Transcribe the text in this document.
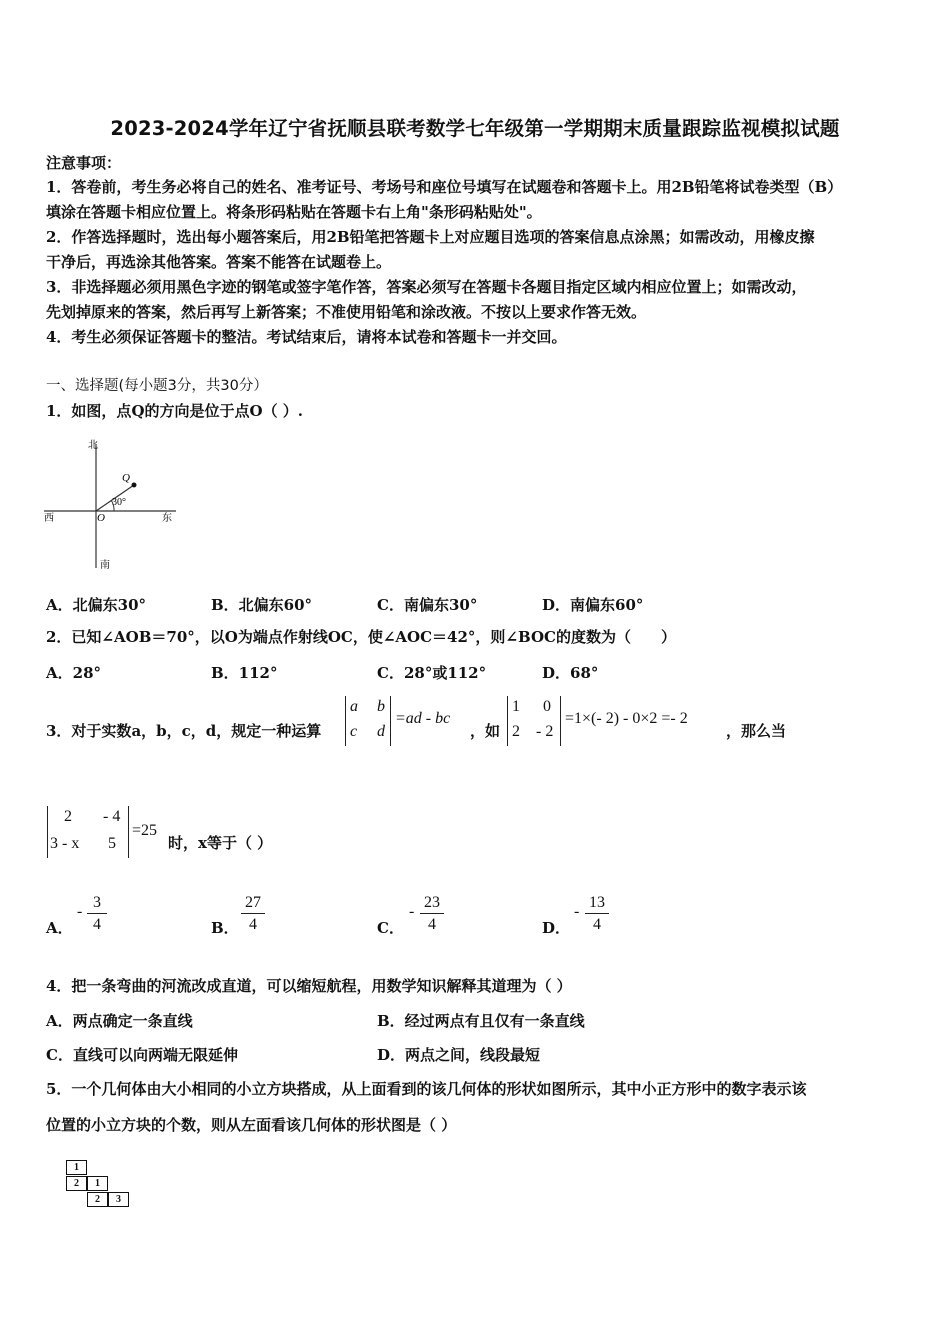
2023-2024学年辽宁省抚顺县联考数学七年级第一学期期末质量跟踪监视模拟试题
注意事项：
1．答卷前，考生务必将自己的姓名、准考证号、考场号和座位号填写在试题卷和答题卡上。用2B铅笔将试卷类型（B）
填涂在答题卡相应位置上。将条形码粘贴在答题卡右上角"条形码粘贴处"。
2．作答选择题时，选出每小题答案后，用2B铅笔把答题卡上对应题目选项的答案信息点涂黑；如需改动，用橡皮擦
干净后，再选涂其他答案。答案不能答在试题卷上。
3．非选择题必须用黑色字迹的钢笔或签字笔作答，答案必须写在答题卡各题目指定区域内相应位置上；如需改动，
先划掉原来的答案，然后再写上新答案；不准使用铅笔和涂改液。不按以上要求作答无效。
4．考生必须保证答题卡的整洁。考试结束后，请将本试卷和答题卡一并交回。
一、选择题(每小题3分，共30分）
1．如图，点Q的方向是位于点O（ ）.
北
南
西	东
O
Q
30°
A．北偏东30°	B．北偏东60°	C．南偏东30°	D．南偏东60°
2．已知∠AOB＝70°，以O为端点作射线OC，使∠AOC＝42°，则∠BOC的度数为（　　）
A．28°	B．112°	C．28°或112°	D．68°
3．对于实数a，b，c，d，规定一种运算
a b
c d
=ad - bc
，如
1 0
2 - 2
=1×(- 2) - 0×2 =- 2
，那么当
2 - 4
3 - x 5
=25
时，x等于（ ）
A．
- $\frac{3}{4}$	B． $\frac{27}{4}$	C．
- $\frac{23}{4}$	D．
- $\frac{13}{4}$
4．把一条弯曲的河流改成直道，可以缩短航程，用数学知识解释其道理为（ ）
A．两点确定一条直线	B．经过两点有且仅有一条直线
C．直线可以向两端无限延伸	D．两点之间，线段最短
5．一个几何体由大小相同的小立方块搭成，从上面看到的该几何体的形状如图所示，其中小正方形中的数字表示该
位置的小立方块的个数，则从左面看该几何体的形状图是（ ）
1
2	1
2	3
